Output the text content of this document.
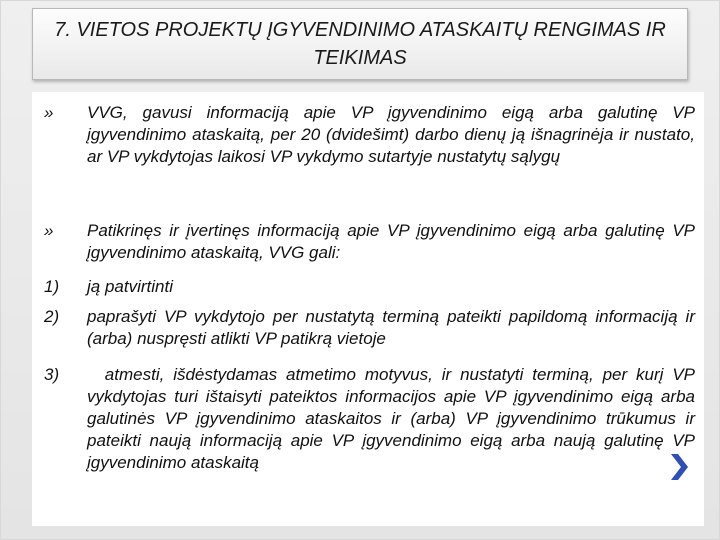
7. VIETOS PROJEKTŲ ĮGYVENDINIMO ATASKAITŲ RENGIMAS IR TEIKIMAS
»	VVG, gavusi informaciją apie VP įgyvendinimo eigą arba galutinę VP įgyvendinimo ataskaitą, per 20 (dvidešimt) darbo dienų ją išnagrinėja ir nustato, ar VP vykdytojas laikosi VP vykdymo sutartyje nustatytų sąlygų
»	Patikrinęs ir įvertinęs informaciją apie VP įgyvendinimo eigą arba galutinę VP įgyvendinimo ataskaitą, VVG gali:
1)	ją patvirtinti
2)	paprašyti VP vykdytojo per nustatytą terminą pateikti papildomą informaciją ir (arba) nuspręsti atlikti VP patikrą vietoje
3)	atmesti, išdėstydamas atmetimo motyvus, ir nustatyti terminą, per kurį VP vykdytojas turi ištaisyti pateiktos informacijos apie VP įgyvendinimo eigą arba galutinės VP įgyvendinimo ataskaitos ir (arba) VP įgyvendinimo trūkumus ir pateikti naują informaciją apie VP įgyvendinimo eigą arba naują galutinę VP įgyvendinimo ataskaitą
